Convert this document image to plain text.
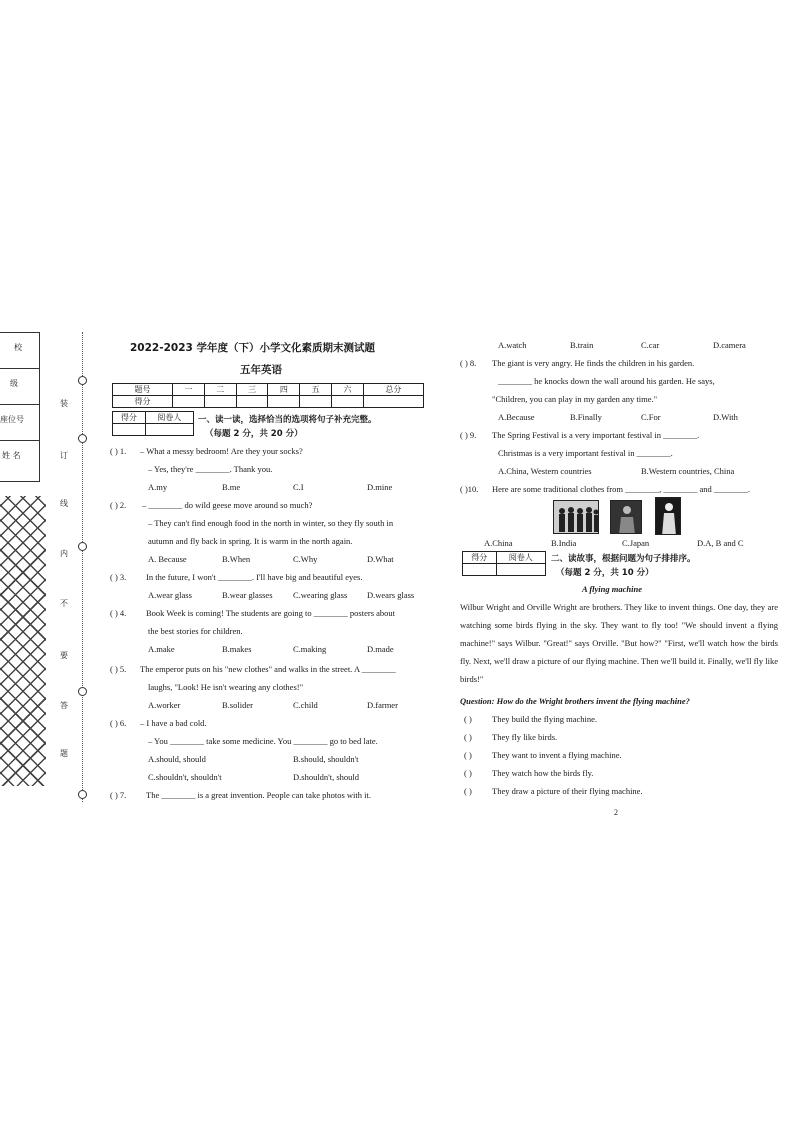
校
级
座位号
姓 名
装
订
线
内
不
要
答
题
2022-2023 学年度（下）小学文化素质期末测试题
五年英语
题号	一	二	三	四	五	六	总分
得分							
得分	阅卷人
	一、读一读，选择恰当的选项将句子补充完整。
（每题 2 分，共 20 分）
( ) 1. – What a messy bedroom! Are they your socks?
– Yes, they're ________. Thank you.
A.my	B.me	C.I	D.mine
( ) 2. – ________ do wild geese move around so much?
– They can't find enough food in the north in winter, so they fly south in
autumn and fly back in spring. It is warm in the north again.
A. Because	B.When	C.Why	D.What
( ) 3. In the future, I won't ________. I'll have big and beautiful eyes.
A.wear glass	B.wear glasses C.wearing glass D.wears glass
( ) 4. Book Week is coming! The students are going to ________ posters about
the best stories for children.
A.make	B.makes	C.making	D.made
( ) 5. The emperor puts on his "new clothes" and walks in the street. A ________
laughs, "Look! He isn't wearing any clothes!"
A.worker	B.solider	C.child	D.farmer
( ) 6. – I have a bad cold.
– You ________ take some medicine. You ________ go to bed late.
A.should, should	B.should, shouldn't
C.shouldn't, shouldn't	D.shouldn't, should
( ) 7. The ________ is a great invention. People can take photos with it.
A.watch	B.train	C.car	D.camera
( ) 8. The giant is very angry. He finds the children in his garden.
________ he knocks down the wall around his garden. He says,
"Children, you can play in my garden any time."
A.Because	B.Finally	C.For	D.With
( ) 9. The Spring Festival is a very important festival in ________.
Christmas is a very important festival in ________.
A.China, Western countries	B.Western countries, China
( )10. Here are some traditional clothes from ________, ________ and ________.
A.China	B.India	C.Japan	D.A, B and C
得分	阅卷人
	二、读故事，根据问题为句子排排序。
（每题 2 分，共 10 分）
A flying machine
Wilbur Wright and Orville Wright are brothers. They like to invent things. One day, they are watching some birds flying in the sky. They want to fly too! "We should invent a flying machine!" says Wilbur. "Great!" says Orville. "But how?" "First, we'll watch how the birds fly. Next, we'll draw a picture of our flying machine. Then we'll build it. Finally, we'll fly like birds!"
Question: How do the Wright brothers invent the flying machine?
( ) They build the flying machine.
( ) They fly like birds.
( ) They want to invent a flying machine.
( ) They watch how the birds fly.
( ) They draw a picture of their flying machine.
2
